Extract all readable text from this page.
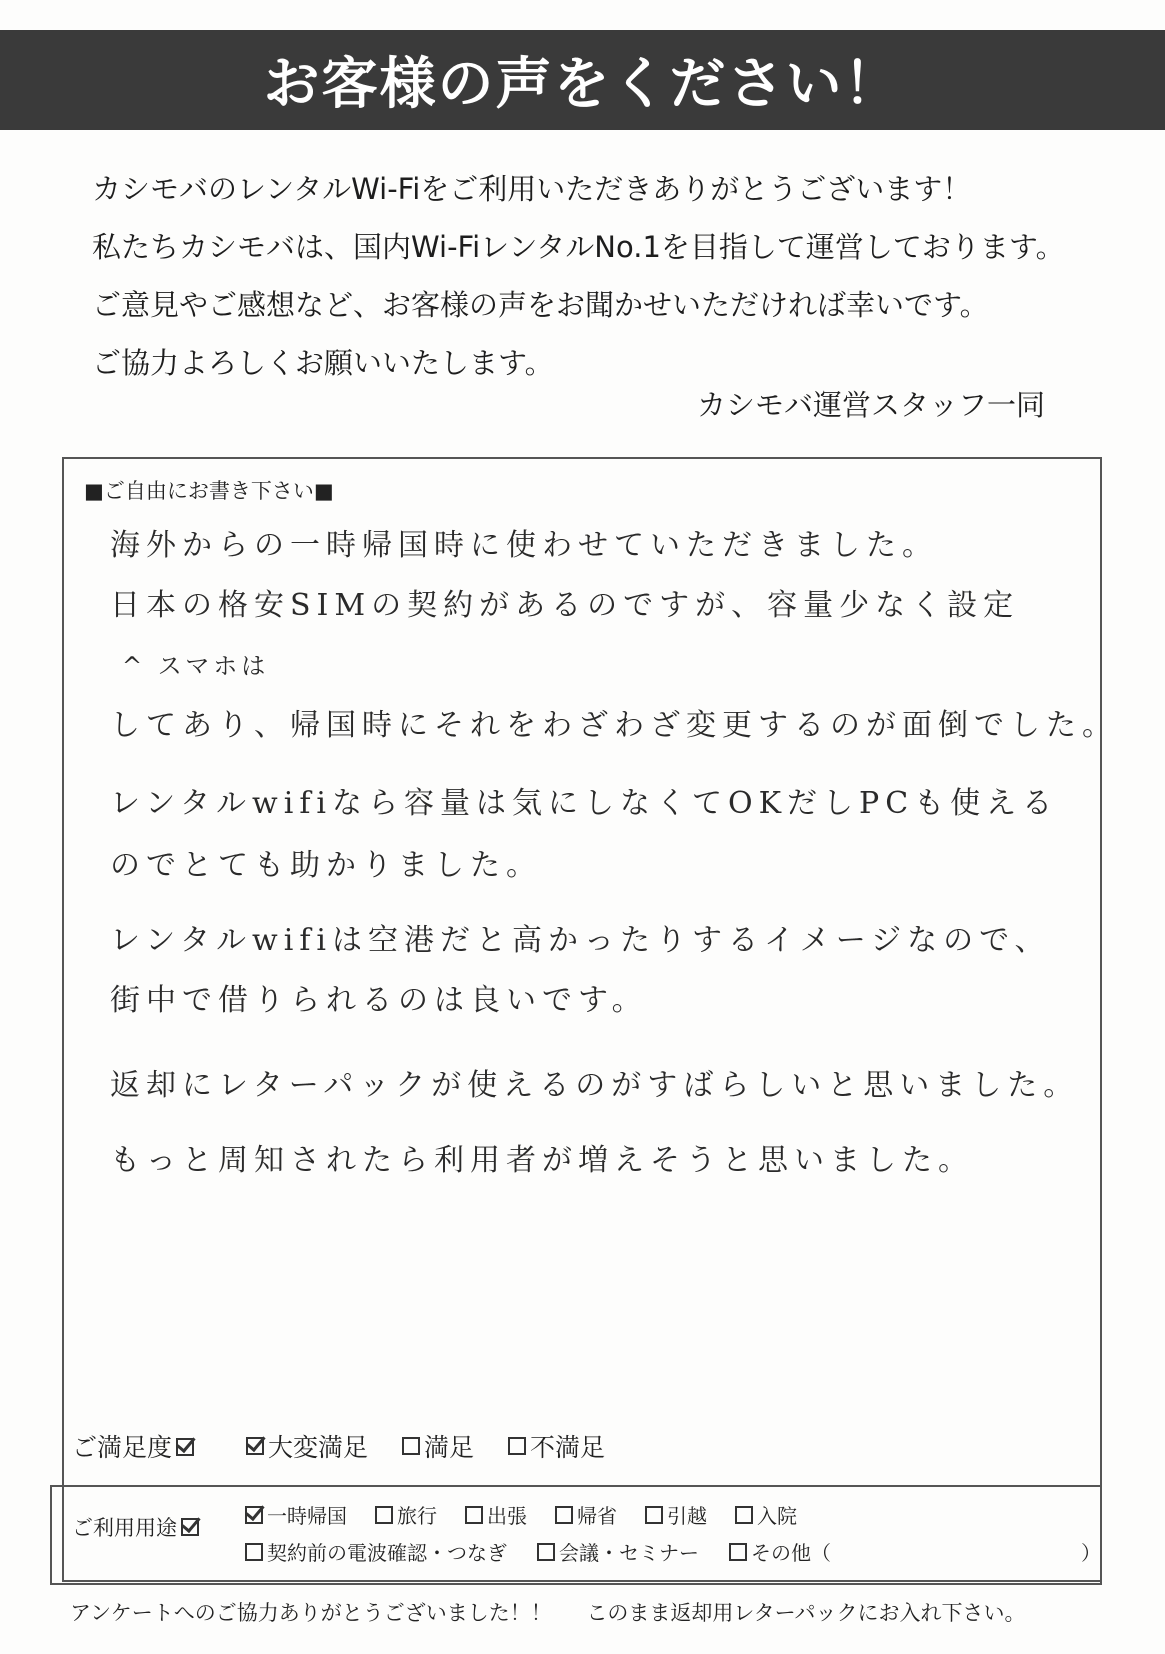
お客様の声をください！
カシモバのレンタルWi-Fiをご利用いただきありがとうございます！
私たちカシモバは、国内Wi-FiレンタルNo.1を目指して運営しております。
ご意見やご感想など、お客様の声をお聞かせいただければ幸いです。
ご協力よろしくお願いいたします。
カシモバ運営スタッフ一同
■ご自由にお書き下さい■
海外からの一時帰国時に使わせていただきました。
日本の格安SIMの契約があるのですが、容量少なく設定
してあり、帰国時にそれをわざわざ変更するのが面倒でした。
レンタルwifiなら容量は気にしなくてOKだしPCも使える
のでとても助かりました。
レンタルwifiは空港だと高かったりするイメージなので、
街中で借りられるのは良いです。
返却にレターパックが使えるのがすばらしいと思いました。
もっと周知されたら利用者が増えそうと思いました。
^ スマホは
ご満足度	大変満足 満足 不満足
ご利用用途	一時帰国	旅行	出張	帰省	引越	入院
契約前の電波確認・つなぎ	会議・セミナー	その他（	）
アンケートへのご協力ありがとうございました！！ このまま返却用レターパックにお入れ下さい。
